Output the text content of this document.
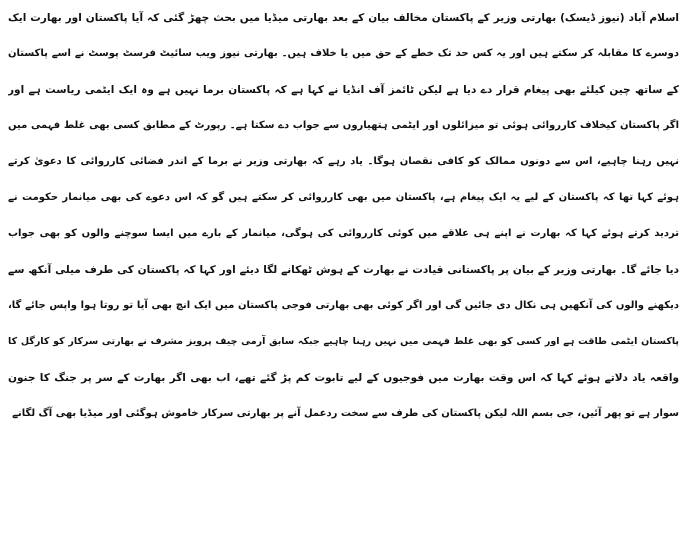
اسلام آباد (نیوز ڈیسک) بھارتی وزیر کے پاکستان مخالف بیان کے بعد بھارتی میڈیا میں بحث چھڑ گئی کہ آیا پاکستان اور بھارت ایک
دوسرے کا مقابلہ کر سکتے ہیں اور یہ کس حد تک خطے کے حق میں یا خلاف ہیں۔ بھارتی نیوز ویب سائیٹ فرسٹ پوسٹ نے اسے پاکستان
کے ساتھ چین کیلئے بھی پیغام قرار دے دیا ہے لیکن ٹائمز آف انڈیا نے کہا ہے کہ پاکستان برما نہیں ہے وہ ایک ایٹمی ریاست ہے اور
اگر پاکستان کیخلاف کارروائی ہوئی تو میزائلوں اور ایٹمی ہتھیاروں سے جواب دے سکتا ہے۔ رپورٹ کے مطابق کسی بھی غلط فہمی میں
نہیں رہنا چاہیے، اس سے دونوں ممالک کو کافی نقصان ہوگا۔ یاد رہے کہ بھارتی وزیر نے برما کے اندر فضائی کارروائی کا دعویٰ کرتے
ہوئے کہا تھا کہ پاکستان کے لیے یہ ایک پیغام ہے، پاکستان میں بھی کارروائی کر سکتے ہیں گو کہ اس دعوے کی بھی میانمار حکومت نے
تردید کرتے ہوئے کہا کہ بھارت نے اپنے ہی علاقے میں کوئی کارروائی کی ہوگی، میانمار کے بارے میں ایسا سوچنے والوں کو بھی جواب
دیا جائے گا۔ بھارتی وزیر کے بیان پر پاکستانی قیادت نے بھارت کے ہوش ٹھکانے لگا دیئے اور کہا کہ پاکستان کی طرف میلی آنکھ سے
دیکھنے والوں کی آنکھیں ہی نکال دی جائیں گی اور اگر کوئی بھی بھارتی فوجی پاکستان میں ایک انچ بھی آیا تو روتا ہوا واپس جائے گا،
پاکستان ایٹمی طاقت ہے اور کسی کو بھی غلط فہمی میں نہیں رہنا چاہیے جبکہ سابق آرمی چیف پرویز مشرف نے بھارتی سرکار کو کارگل کا
واقعہ یاد دلاتے ہوئے کہا کہ اس وقت بھارت میں فوجیوں کے لیے تابوت کم پڑ گئے تھے، اب بھی اگر بھارت کے سر پر جنگ کا جنون
سوار ہے تو پھر آئیں، جی بسم اللہ لیکن پاکستان کی طرف سے سخت ردعمل آنے پر بھارتی سرکار خاموش ہوگئی اور میڈیا بھی آگ لگانے
